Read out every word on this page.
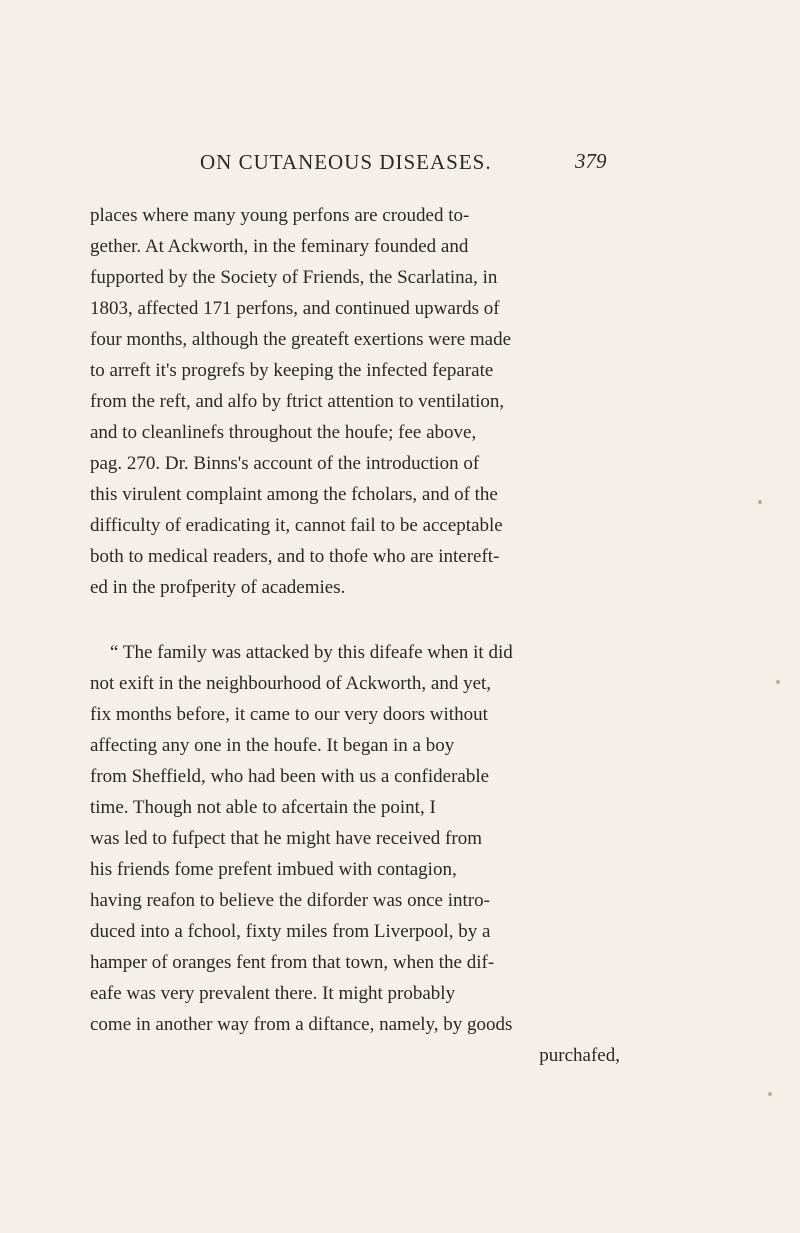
ON CUTANEOUS DISEASES.	379
places where many young perfons are crouded to-
gether. At Ackworth, in the feminary founded and
fupported by the Society of Friends, the Scarlatina, in
1803, affected 171 perfons, and continued upwards of
four months, although the greateft exertions were made
to arreft it's progrefs by keeping the infected feparate
from the reft, and alfo by ftrict attention to ventilation,
and to cleanlinefs throughout the houfe; fee above,
pag. 270. Dr. Binns's account of the introduction of
this virulent complaint among the fcholars, and of the
difficulty of eradicating it, cannot fail to be acceptable
both to medical readers, and to thofe who are intereft-
ed in the profperity of academies.
“ The family was attacked by this difeafe when it did
not exift in the neighbourhood of Ackworth, and yet,
fix months before, it came to our very doors without
affecting any one in the houfe. It began in a boy
from Sheffield, who had been with us a confiderable
time. Though not able to afcertain the point, I
was led to fufpect that he might have received from
his friends fome prefent imbued with contagion,
having reafon to believe the diforder was once intro-
duced into a fchool, fixty miles from Liverpool, by a
hamper of oranges fent from that town, when the dif-
eafe was very prevalent there. It might probably
come in another way from a diftance, namely, by goods
purchafed,
